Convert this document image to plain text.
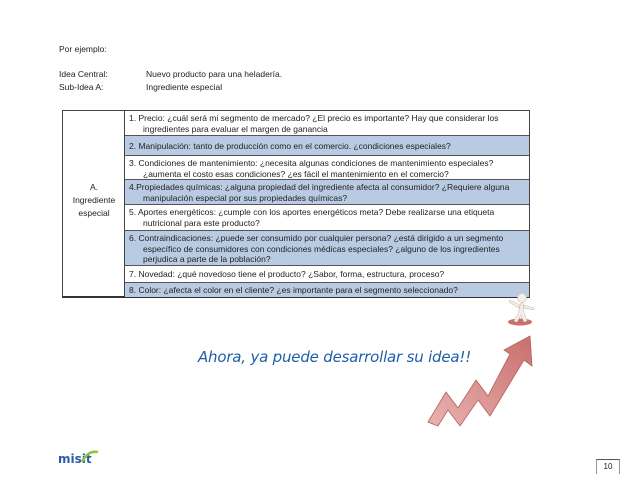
Por ejemplo:
Idea Central:	Nuevo producto para una heladería.
Sub-Idea A:	Ingrediente especial
A.
Ingrediente
especial
1. Precio: ¿cuál será mi segmento de mercado? ¿El precio es importante? Hay que considerar los
ingredientes para evaluar el margen de ganancia
2. Manipulación: tanto de producción como en el comercio. ¿condiciones especiales?
3. Condiciones de mantenimiento: ¿necesita algunas condiciones de mantenimiento especiales?
¿aumenta el costo esas condiciones? ¿es fácil el mantenimiento en el comercio?
4.Propiedades químicas: ¿alguna propiedad del ingrediente afecta al consumidor? ¿Requiere alguna
manipulación especial por sus propiedades químicas?
5. Aportes energéticos: ¿cumple con los aportes energéticos meta? Debe realizarse una etiqueta
nutricional para este producto?
6. Contraindicaciones: ¿puede ser consumido por cualquier persona? ¿está dirigido a un segmento
específico de consumidores con condiciones médicas especiales? ¿alguno de los ingredientes
perjudica a parte de la población?
7. Novedad: ¿qué novedoso tiene el producto? ¿Sabor, forma, estructura, proceso?
8. Color: ¿afecta el color en el cliente? ¿es importante para el segmento seleccionado?
Ahora, ya puede desarrollar su idea!!
misit
10
